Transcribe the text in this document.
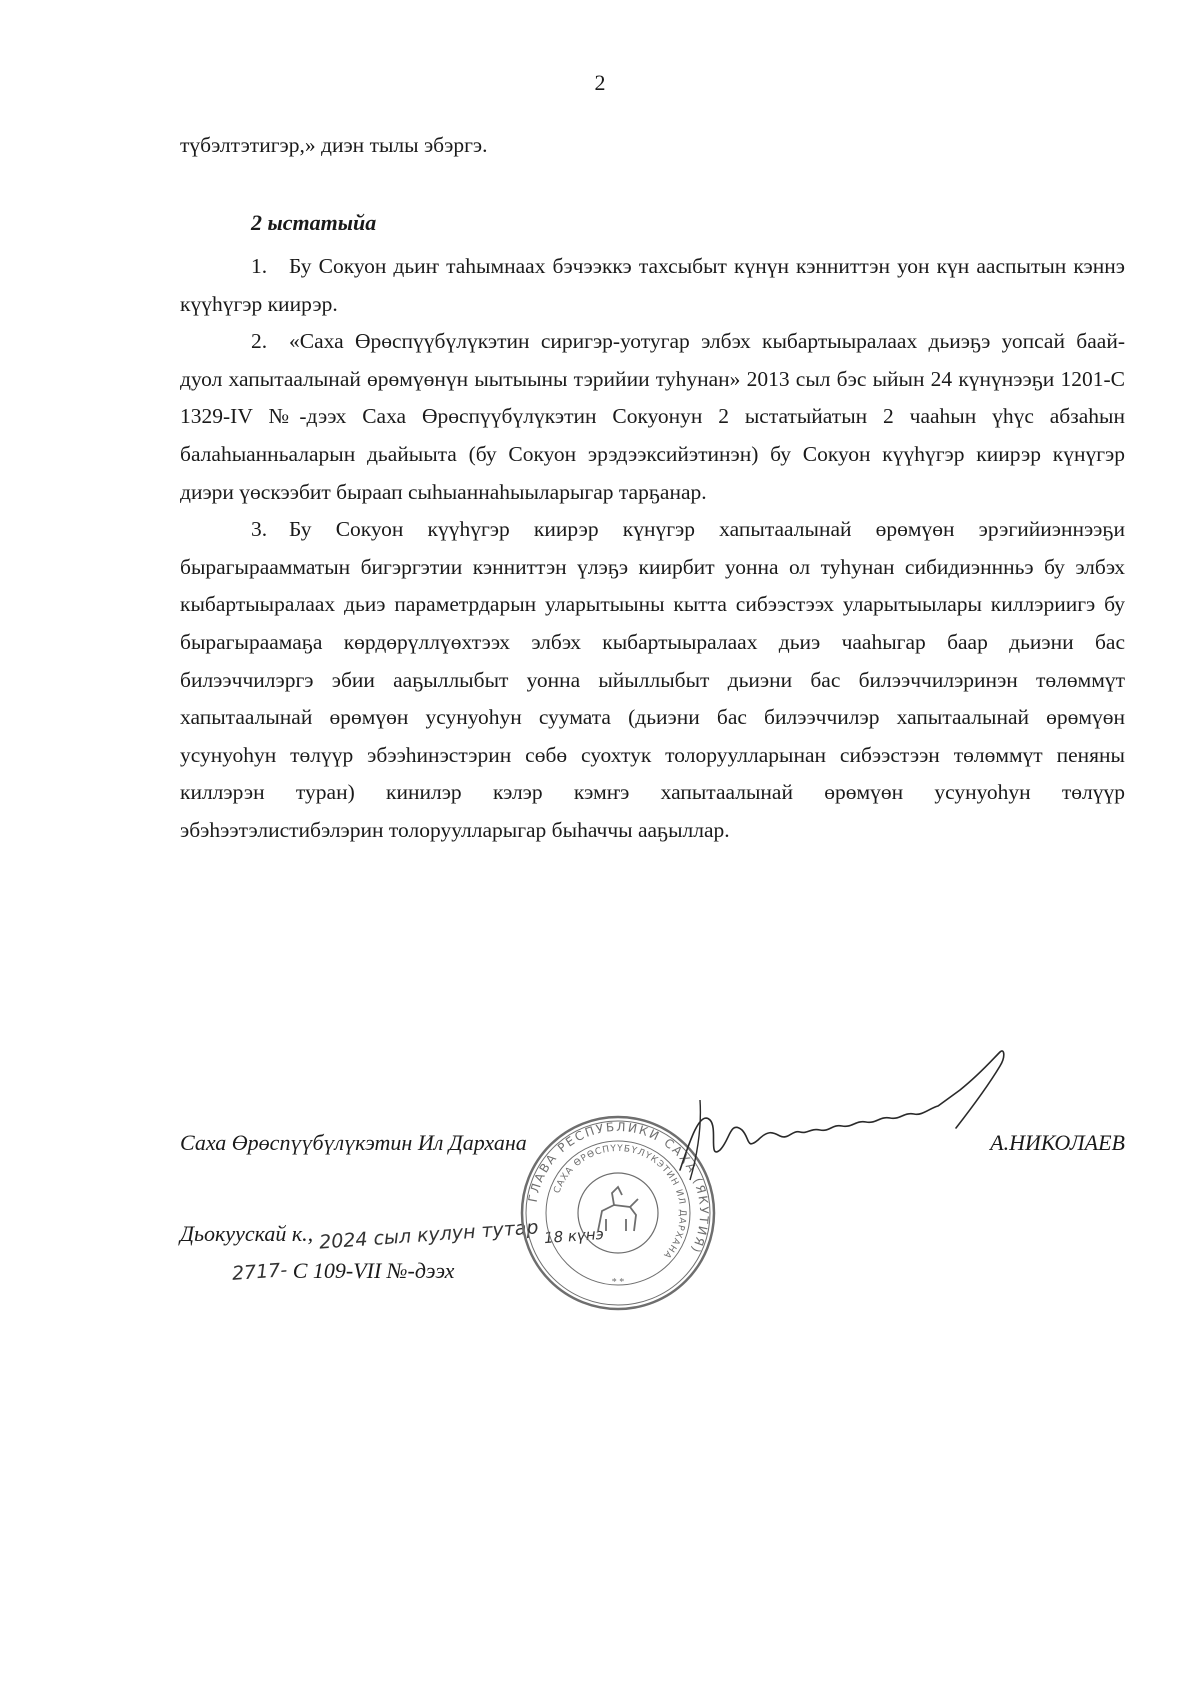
2
түбэлтэтигэр,» диэн тылы эбэргэ.
2 ыстатыйа

1. Бу Сокуон дьиҥ таһымнаах бэчээккэ тахсыбыт күнүн кэнниттэн уон күн ааспытын кэннэ күүһүгэр киирэр.

2. «Саха Өрөспүүбүлүкэтин сиригэр-уотугар элбэх кыбартыыралаах дьиэҕэ уопсай баай-дуол хапытаалынай өрөмүөнүн ыытыыны тэрийии туһунан» 2013 сыл бэс ыйын 24 күнүнээҕи 1201-С 1329-IV №-дээх Саха Өрөспүүбүлүкэтин Сокуонун 2 ыстатыйатын 2 чааһын үһүс абзаһын балаһыанньаларын дьайыыта (бу Сокуон эрэдээксийэтинэн) бу Сокуон күүһүгэр киирэр күнүгэр диэри үөскээбит быраап сыһыаннаһыыларыгар тарҕанар.

3. Бу Сокуон күүһүгэр киирэр күнүгэр хапытаалынай өрөмүөн эрэгийиэннээҕи бырагыраамматын бигэргэтии кэнниттэн үлэҕэ киирбит уонна ол туһунан сибидиэннньэ бу элбэх кыбартыыралаах дьиэ параметрдарын уларытыыны кытта сибээстээх уларытыылары киллэриигэ бу бырагыраамаҕа көрдөрүллүөхтээх элбэх кыбартыыралаах дьиэ чааһыгар баар дьиэни бас билээччилэргэ эбии ааҕыллыбыт уонна ыйыллыбыт дьиэни бас билээччилэринэн төлөммүт хапытаалынай өрөмүөн усунуоһун суумата (дьиэни бас билээччилэр хапытаалынай өрөмүөн усунуоһун төлүүр эбээһинэстэрин сөбө суохтук толоруулларынан сибээстээн төлөммүт пеняны киллэрэн туран) кинилэр кэлэр кэмҥэ хапытаалынай өрөмүөн усунуоһун төлүүр эбэһээтэлистибэлэрин толоруулларыгар быһаччы ааҕыллар.

Саха Өрөспүүбүлүкэтин Ил Дархана	А.НИКОЛАЕВ
Дьокуускай к., 2024 сыл кулун тутар 18 күнэ
2717- С 109-VII №-дээх
ГЛАВА РЕСПУБЛИКИ САХА (ЯКУТИЯ)
САХА ӨРӨСПҮҮБҮЛҮКЭТИН ИЛ ДАРХАНА
* *
